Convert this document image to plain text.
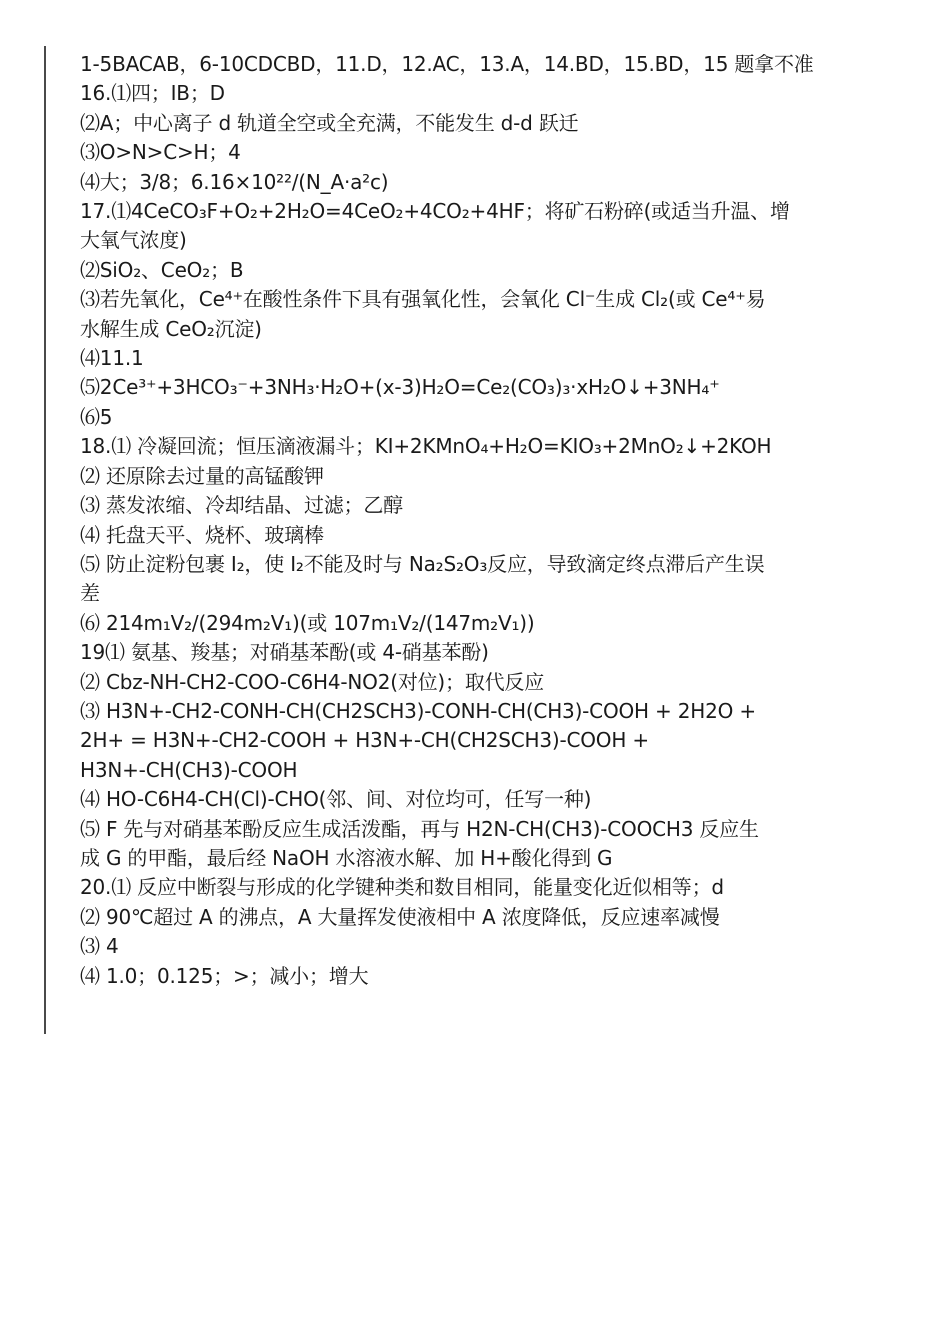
1-5BACAB，6-10CDCBD，11.D，12.AC，13.A，14.BD，15.BD，15 题拿不准
16.⑴四；IB；D
⑵A；中心离子 d 轨道全空或全充满，不能发生 d-d 跃迁
⑶O>N>C>H；4
⑷大；3/8；6.16×10²²/(N_A·a²c)
17.⑴4CeCO₃F+O₂+2H₂O=4CeO₂+4CO₂+4HF；将矿石粉碎(或适当升温、增
大氧气浓度)
⑵SiO₂、CeO₂；B
⑶若先氧化，Ce⁴⁺在酸性条件下具有强氧化性，会氧化 Cl⁻生成 Cl₂(或 Ce⁴⁺易
水解生成 CeO₂沉淀)
⑷11.1
⑸2Ce³⁺+3HCO₃⁻+3NH₃·H₂O+(x-3)H₂O=Ce₂(CO₃)₃·xH₂O↓+3NH₄⁺
⑹5
18.⑴ 冷凝回流；恒压滴液漏斗；KI+2KMnO₄+H₂O=KIO₃+2MnO₂↓+2KOH
⑵ 还原除去过量的高锰酸钾
⑶ 蒸发浓缩、冷却结晶、过滤；乙醇
⑷ 托盘天平、烧杯、玻璃棒
⑸ 防止淀粉包裹 I₂，使 I₂不能及时与 Na₂S₂O₃反应，导致滴定终点滞后产生误
差
⑹ 214m₁V₂/(294m₂V₁)(或 107m₁V₂/(147m₂V₁))
19⑴ 氨基、羧基；对硝基苯酚(或 4-硝基苯酚)
⑵ Cbz-NH-CH2-COO-C6H4-NO2(对位)；取代反应
⑶ H3N+-CH2-CONH-CH(CH2SCH3)-CONH-CH(CH3)-COOH + 2H2O +
2H+ = H3N+-CH2-COOH + H3N+-CH(CH2SCH3)-COOH +
H3N+-CH(CH3)-COOH
⑷ HO-C6H4-CH(Cl)-CHO(邻、间、对位均可，任写一种)
⑸ F 先与对硝基苯酚反应生成活泼酯，再与 H2N-CH(CH3)-COOCH3 反应生
成 G 的甲酯，最后经 NaOH 水溶液水解、加 H+酸化得到 G
20.⑴ 反应中断裂与形成的化学键种类和数目相同，能量变化近似相等；d
⑵ 90℃超过 A 的沸点，A 大量挥发使液相中 A 浓度降低，反应速率减慢
⑶ 4
⑷ 1.0；0.125；>；减小；增大
